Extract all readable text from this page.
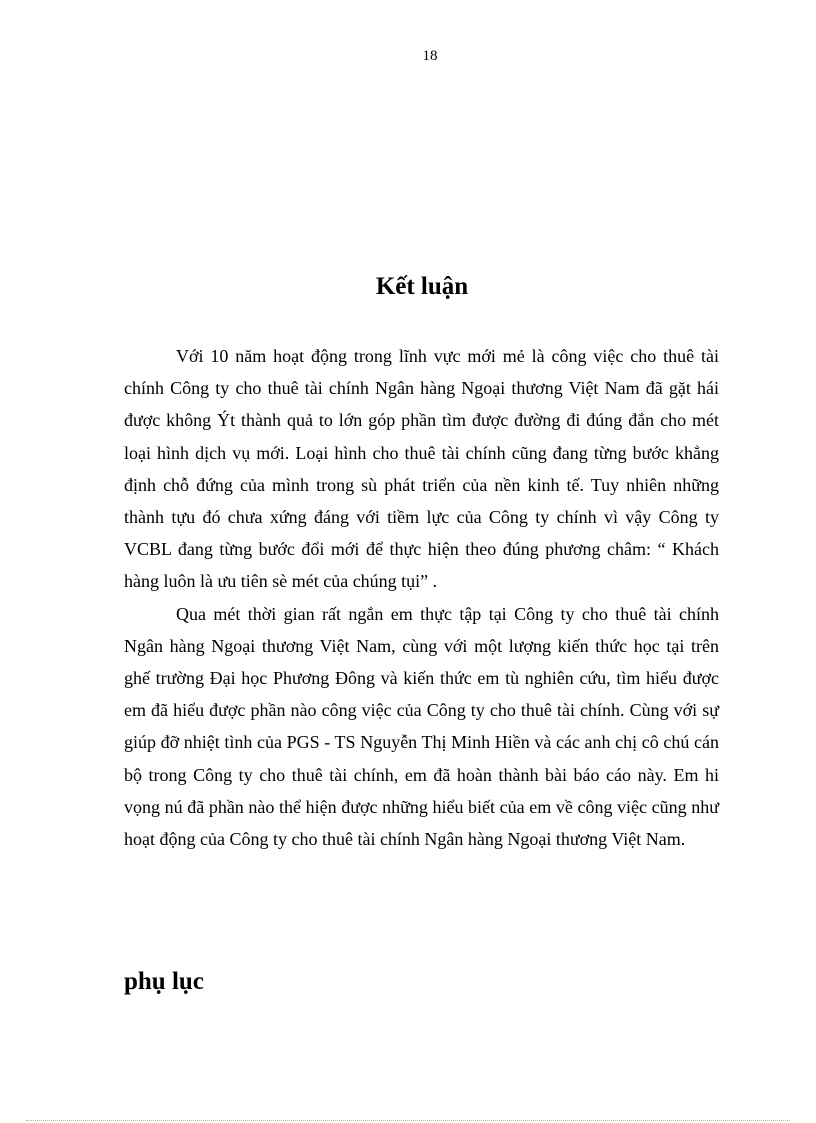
18
Kết luận

Với 10 năm hoạt động trong lĩnh vực mới mẻ là công việc cho thuê tài chính Công ty cho thuê tài chính Ngân hàng Ngoại thương Việt Nam đã gặt hái được không Ýt thành quả to lớn góp phần tìm được đường đi đúng đắn cho mét loại hình dịch vụ mới. Loại hình cho thuê tài chính cũng đang từng bước khẳng định chỗ đứng của mình trong sù phát triển của nền kinh tế. Tuy nhiên những thành tựu đó chưa xứng đáng với tiềm lực của Công ty chính vì vậy Công ty VCBL đang từng bước đổi mới để thực hiện theo đúng phương châm: “ Khách hàng luôn là ưu tiên sè mét của chúng tụi” .

Qua mét thời gian rất ngắn em thực tập tại Công ty cho thuê tài chính Ngân hàng Ngoại thương Việt Nam, cùng với một lượng kiến thức học tại trên ghế trường Đại học Phương Đông và kiến thức em tù nghiên cứu, tìm hiểu được em đã hiểu được phần nào công việc của Công ty cho thuê tài chính. Cùng với sự giúp đỡ nhiệt tình của PGS - TS Nguyễn Thị Minh Hiền và các anh chị cô chú cán bộ trong Công ty cho thuê tài chính, em đã hoàn thành bài báo cáo này. Em hi vọng nú đã phần nào thể hiện được những hiểu biết của em về công việc cũng như hoạt động của Công ty cho thuê tài chính Ngân hàng Ngoại thương Việt Nam.

phụ lục
